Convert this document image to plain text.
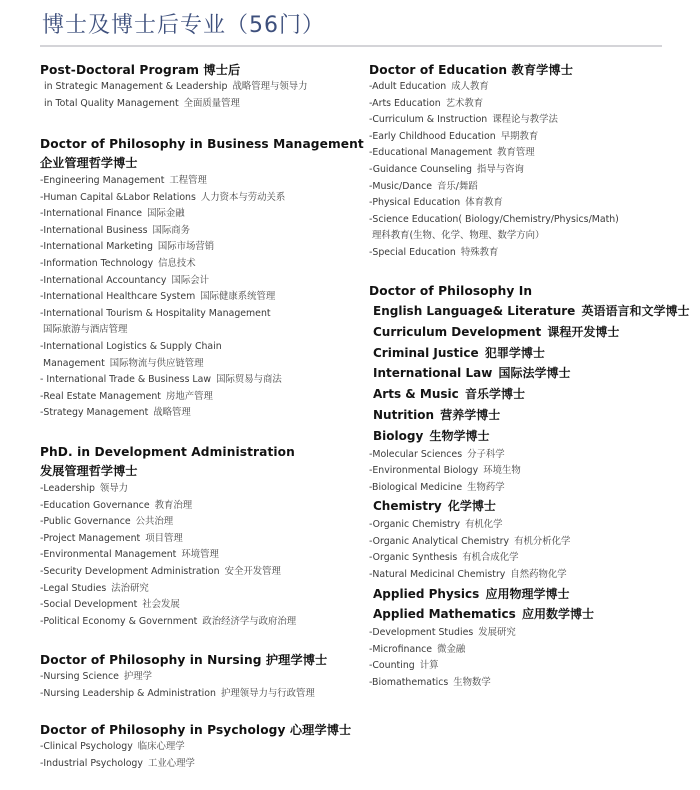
博士及博士后专业（56门）
Post-Doctoral Program 博士后
in Strategic Management & Leadership 战略管理与领导力
in Total Quality Management 全面质量管理
Doctor of Philosophy in Business Management
企业管理哲学博士
-Engineering Management 工程管理
-Human Capital &Labor Relations 人力资本与劳动关系
-International Finance 国际金融
-International Business 国际商务
-International Marketing 国际市场营销
-Information Technology 信息技术
-International Accountancy 国际会计
-International Healthcare System 国际健康系统管理
-International Tourism & Hospitality Management
国际旅游与酒店管理
-International Logistics & Supply Chain
Management 国际物流与供应链管理
- International Trade & Business Law 国际贸易与商法
-Real Estate Management 房地产管理
-Strategy Management 战略管理
PhD. in Development Administration
发展管理哲学博士
-Leadership 领导力
-Education Governance 教育治理
-Public Governance 公共治理
-Project Management 项目管理
-Environmental Management 环境管理
-Security Development Administration 安全开发管理
-Legal Studies 法治研究
-Social Development 社会发展
-Political Economy & Government 政治经济学与政府治理
Doctor of Philosophy in Nursing 护理学博士
-Nursing Science 护理学
-Nursing Leadership & Administration 护理领导力与行政管理
Doctor of Philosophy in Psychology 心理学博士
-Clinical Psychology 临床心理学
-Industrial Psychology 工业心理学
Doctor of Education 教育学博士
-Adult Education 成人教育
-Arts Education 艺术教育
-Curriculum & Instruction 课程论与教学法
-Early Childhood Education 早期教育
-Educational Management 教育管理
-Guidance Counseling 指导与咨询
-Music/Dance 音乐/舞蹈
-Physical Education 体育教育
-Science Education( Biology/Chemistry/Physics/Math)
理科教育(生物、化学、物理、数学方向）
-Special Education 特殊教育
Doctor of Philosophy In
English Language& Literature 英语语言和文学博士
Curriculum Development 课程开发博士
Criminal Justice 犯罪学博士
International Law 国际法学博士
Arts & Music 音乐学博士
Nutrition 营养学博士
Biology 生物学博士
-Molecular Sciences 分子科学
-Environmental Biology 环境生物
-Biological Medicine 生物药学
Chemistry 化学博士
-Organic Chemistry 有机化学
-Organic Analytical Chemistry 有机分析化学
-Organic Synthesis 有机合成化学
-Natural Medicinal Chemistry 自然药物化学
Applied Physics 应用物理学博士
Applied Mathematics 应用数学博士
-Development Studies 发展研究
-Microfinance 微金融
-Counting 计算
-Biomathematics 生物数学
